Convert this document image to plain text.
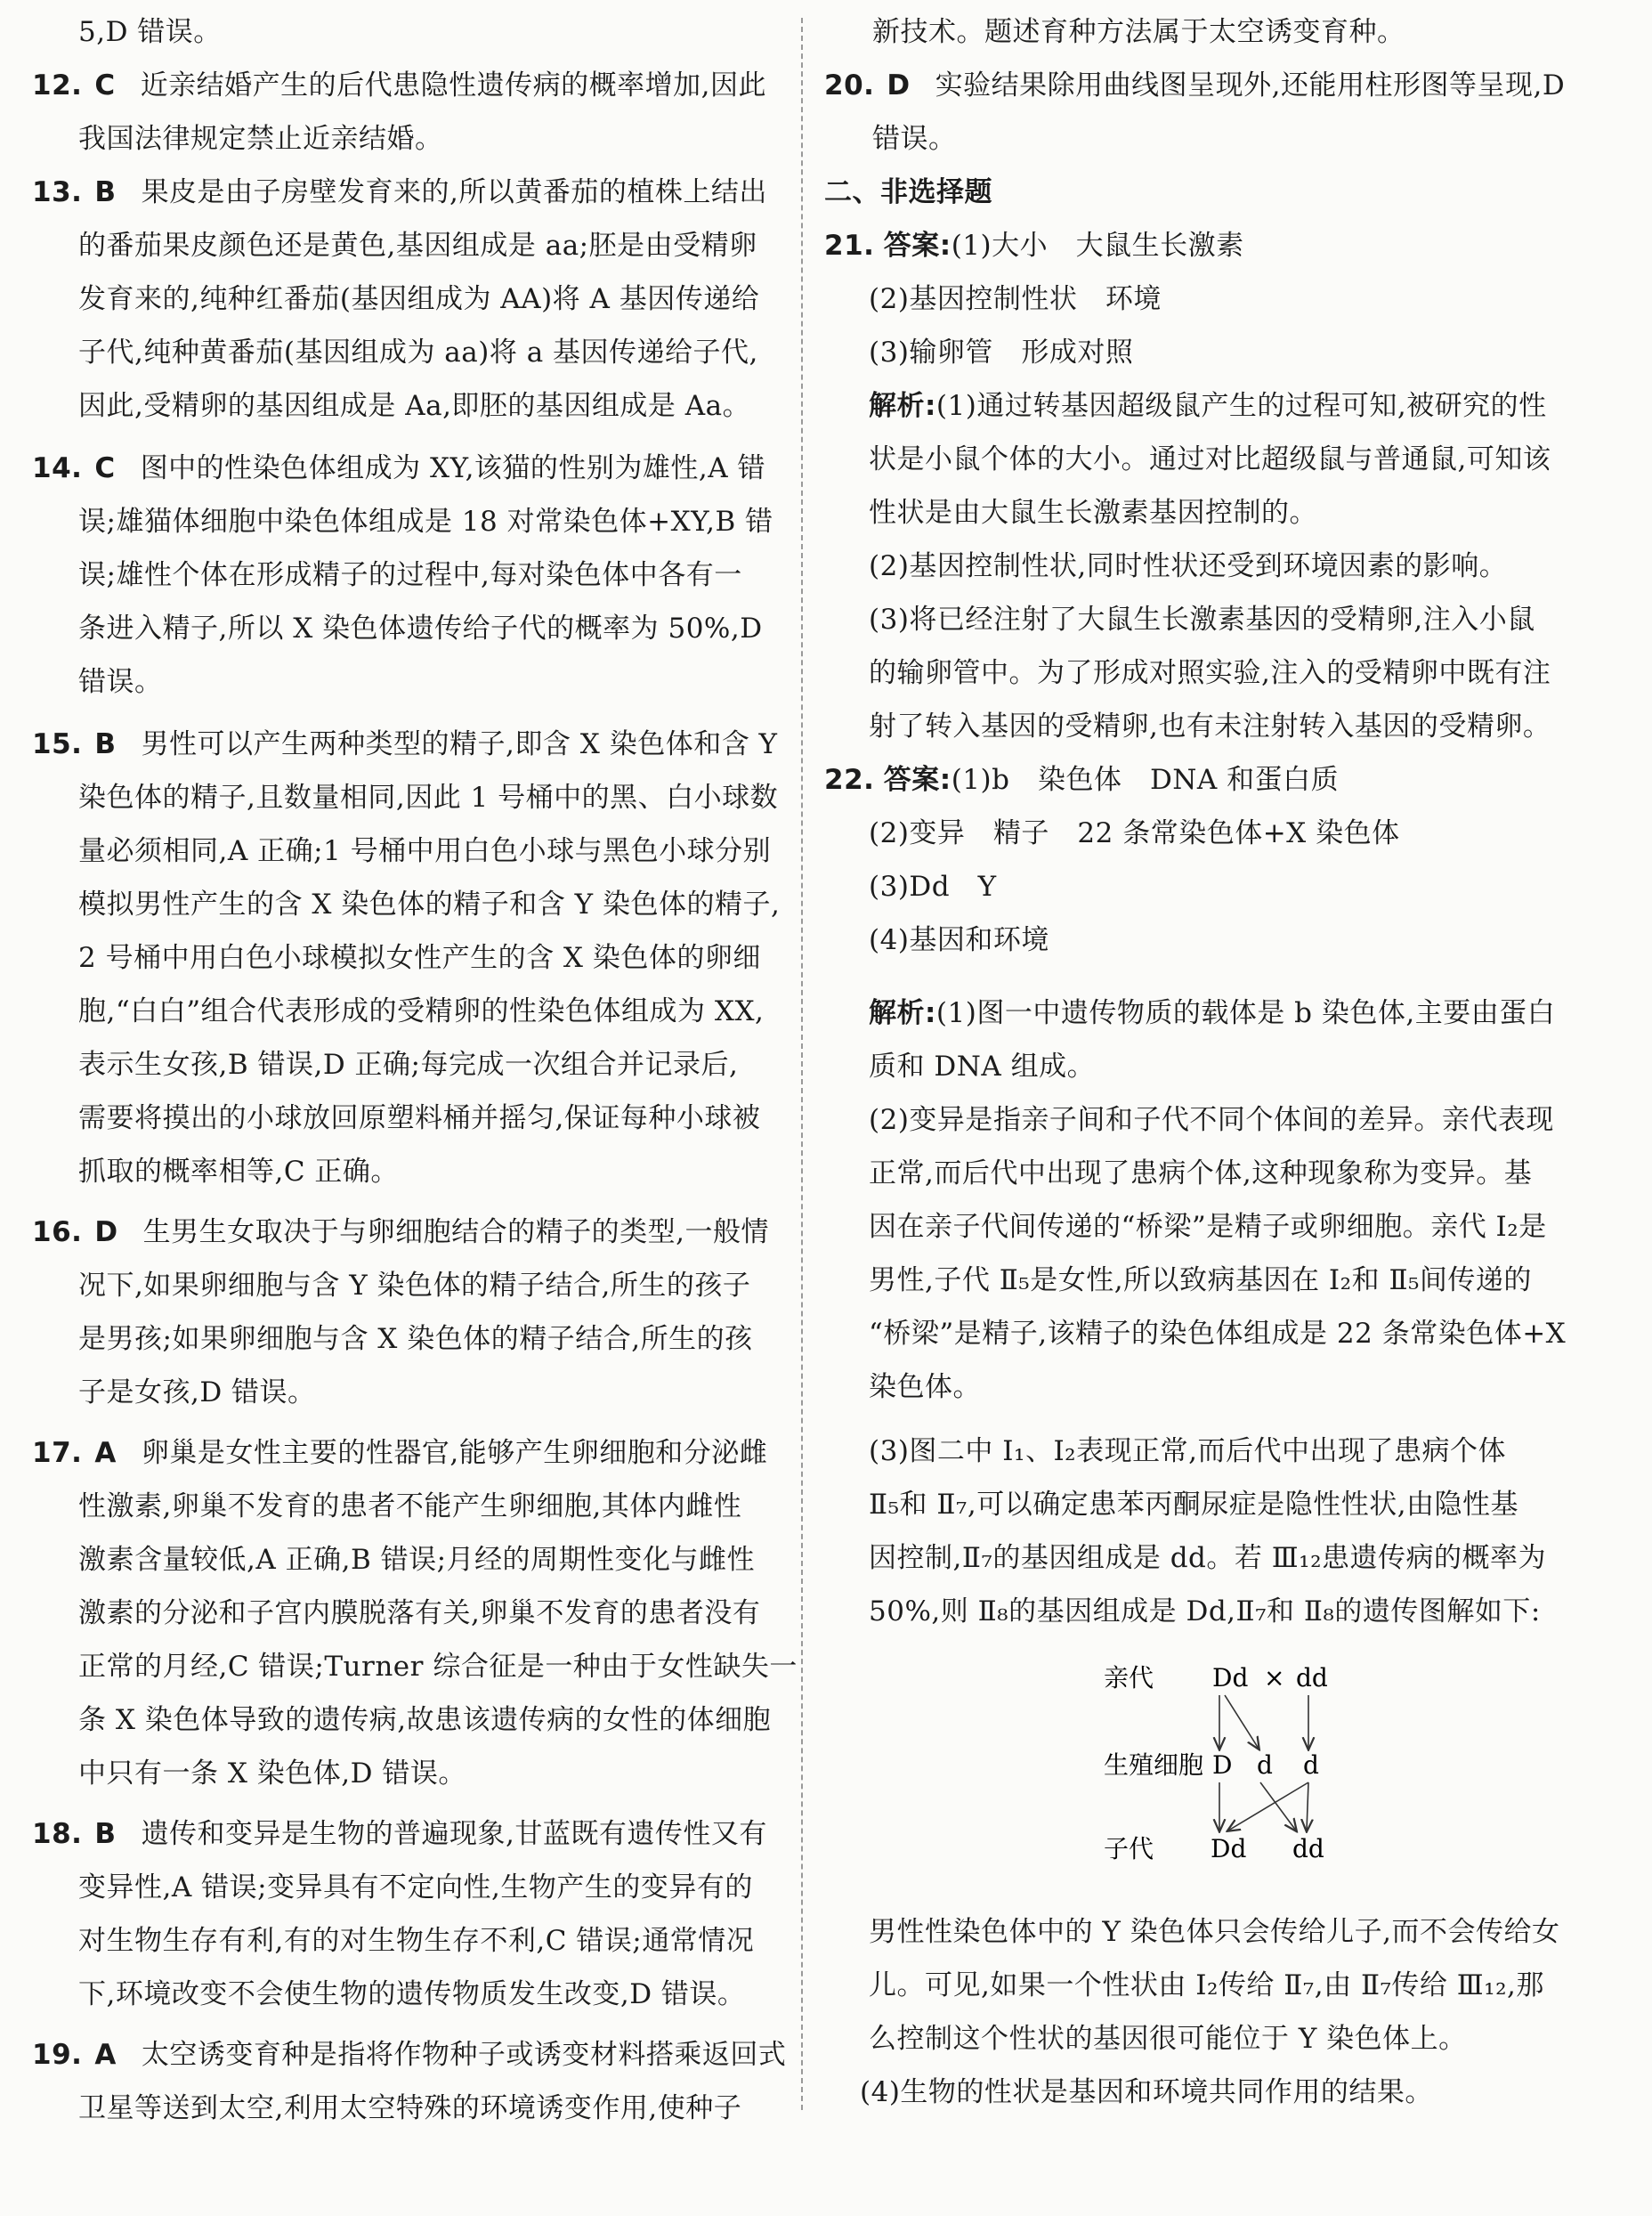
5,D 错误。
12. C 近亲结婚产生的后代患隐性遗传病的概率增加,因此
我国法律规定禁止近亲结婚。
13. B 果皮是由子房壁发育来的,所以黄番茄的植株上结出
的番茄果皮颜色还是黄色,基因组成是 aa;胚是由受精卵
发育来的,纯种红番茄(基因组成为 AA)将 A 基因传递给
子代,纯种黄番茄(基因组成为 aa)将 a 基因传递给子代,
因此,受精卵的基因组成是 Aa,即胚的基因组成是 Aa。
14. C 图中的性染色体组成为 XY,该猫的性别为雄性,A 错
误;雄猫体细胞中染色体组成是 18 对常染色体+XY,B 错
误;雄性个体在形成精子的过程中,每对染色体中各有一
条进入精子,所以 X 染色体遗传给子代的概率为 50%,D
错误。
15. B 男性可以产生两种类型的精子,即含 X 染色体和含 Y
染色体的精子,且数量相同,因此 1 号桶中的黑、白小球数
量必须相同,A 正确;1 号桶中用白色小球与黑色小球分别
模拟男性产生的含 X 染色体的精子和含 Y 染色体的精子,
2 号桶中用白色小球模拟女性产生的含 X 染色体的卵细
胞,“白白”组合代表形成的受精卵的性染色体组成为 XX,
表示生女孩,B 错误,D 正确;每完成一次组合并记录后,
需要将摸出的小球放回原塑料桶并摇匀,保证每种小球被
抓取的概率相等,C 正确。
16. D 生男生女取决于与卵细胞结合的精子的类型,一般情
况下,如果卵细胞与含 Y 染色体的精子结合,所生的孩子
是男孩;如果卵细胞与含 X 染色体的精子结合,所生的孩
子是女孩,D 错误。
17. A 卵巢是女性主要的性器官,能够产生卵细胞和分泌雌
性激素,卵巢不发育的患者不能产生卵细胞,其体内雌性
激素含量较低,A 正确,B 错误;月经的周期性变化与雌性
激素的分泌和子宫内膜脱落有关,卵巢不发育的患者没有
正常的月经,C 错误;Turner 综合征是一种由于女性缺失一
条 X 染色体导致的遗传病,故患该遗传病的女性的体细胞
中只有一条 X 染色体,D 错误。
18. B 遗传和变异是生物的普遍现象,甘蓝既有遗传性又有
变异性,A 错误;变异具有不定向性,生物产生的变异有的
对生物生存有利,有的对生物生存不利,C 错误;通常情况
下,环境改变不会使生物的遗传物质发生改变,D 错误。
19. A 太空诱变育种是指将作物种子或诱变材料搭乘返回式
卫星等送到太空,利用太空特殊的环境诱变作用,使种子
新技术。题述育种方法属于太空诱变育种。
20. D 实验结果除用曲线图呈现外,还能用柱形图等呈现,D
错误。
二、非选择题
21. 答案:(1)大小　大鼠生长激素
(2)基因控制性状　环境
(3)输卵管　形成对照
解析:(1)通过转基因超级鼠产生的过程可知,被研究的性
状是小鼠个体的大小。通过对比超级鼠与普通鼠,可知该
性状是由大鼠生长激素基因控制的。
(2)基因控制性状,同时性状还受到环境因素的影响。
(3)将已经注射了大鼠生长激素基因的受精卵,注入小鼠
的输卵管中。为了形成对照实验,注入的受精卵中既有注
射了转入基因的受精卵,也有未注射转入基因的受精卵。
22. 答案:(1)b　染色体　DNA 和蛋白质
(2)变异　精子　22 条常染色体+X 染色体
(3)Dd　Y
(4)基因和环境
解析:(1)图一中遗传物质的载体是 b 染色体,主要由蛋白
质和 DNA 组成。
(2)变异是指亲子间和子代不同个体间的差异。亲代表现
正常,而后代中出现了患病个体,这种现象称为变异。基
因在亲子代间传递的“桥梁”是精子或卵细胞。亲代 Ⅰ₂是
男性,子代 Ⅱ₅是女性,所以致病基因在 Ⅰ₂和 Ⅱ₅间传递的
“桥梁”是精子,该精子的染色体组成是 22 条常染色体+X
染色体。
(3)图二中 Ⅰ₁、Ⅰ₂表现正常,而后代中出现了患病个体
Ⅱ₅和 Ⅱ₇,可以确定患苯丙酮尿症是隐性性状,由隐性基
因控制,Ⅱ₇的基因组成是 dd。若 Ⅲ₁₂患遗传病的概率为
50%,则 Ⅱ₈的基因组成是 Dd,Ⅱ₇和 Ⅱ₈的遗传图解如下:
亲代 Dd × dd
生殖细胞 D d d
子代 Dd dd
男性性染色体中的 Y 染色体只会传给儿子,而不会传给女
儿。可见,如果一个性状由 Ⅰ₂传给 Ⅱ₇,由 Ⅱ₇传给 Ⅲ₁₂,那
么控制这个性状的基因很可能位于 Y 染色体上。
(4)生物的性状是基因和环境共同作用的结果。
